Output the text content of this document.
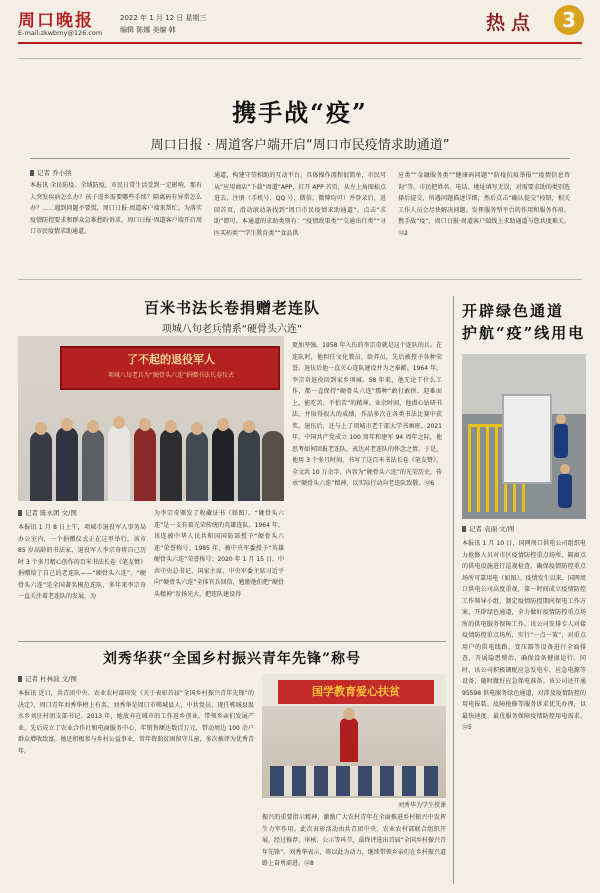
周口晚报
E-mail:zkwbmy@126.com
2022 年 1 月 12 日 星期三
编辑 陈娜 美编 韩	热点	3
携手战“疫”
周口日报 · 周道客户端开启“周口市民疫情求助通道”
记者 乔小纳
本报讯 全民防疫、全域防疫，市民日常生活受到一定影响，那有人突发疾病怎么办？孩子返乡需要哪些手续？隔离码有异常怎么办？……遇到问题不要慌，周口日报·周道客户端来帮忙。为落实疫情防控要求和群众急难愁盼诉求，周口日报·周道客户端开启周口市民疫情求助通道，
通道，构建守望相助的互动平台。具体操作流程很简单，市民可从“应用商店”下载“周道”APP，打开 APP 首页，从左上角图标点进去，注册（手机号、QQ 号、微信、微博均可）并登录后，返回首页，滑动滚动条找到“周口市民疫情求助通道”，点击“求助”即可。本通道的求助类别有：“疫情政策类”“交通出行类”“寻医买药类”“学生教育类”“食品供
应类”“金融服务类”“健康码问题”“防疫抗疫举报”“疫情信息咨询”等。市民把姓名、电话、地址填写无误，对需要求助的类别选择后提交，所遇问题描述详细，然后点击“确认提交”按钮，相关工作人员会尽快解决问题。发挥服务型平台的作用和服务作用。携手战“疫”，周口日报·周道客户端线上求助通道与您共度难关。⑫2
百米书法长卷捐赠老连队
项城八旬老兵情系“硬骨头六连”
了不起的退役军人
项城八旬老兵为“硬骨头六连”捐赠书法长卷仪式
记者 陈永团 文/图
本报讯 1 月 8 日上午，项城市退役军人事务局办公室内，一个捐赠仪式正在这里举行。该市 85 岁高龄的书法家、退役军人李宗奇将自己历时 3 个多月精心创作的百米书法长卷《笔友赞》捐赠给了自己的老连队——“硬骨头六连”。“硬骨头六连”是全国著名模范连队，多年来李宗奇一直关注着老连队的发展，为
为李宗奇颁发了收藏证书（如图）。“硬骨头六连”是一支有着光荣传统的英雄连队。1964 年，该连被中华人民共和国国防部授予“硬骨头六连”荣誉称号；1985 年，被中央军委授予“英雄硬骨头六连”荣誉称号；2020 年 1 月 15 日，中共中央总书记、国家主席、中央军委主席习近平向“硬骨头六连”全体官兵回信，勉励他们把“硬骨头精神”发扬光大，把连队建设得
更加坚强。1958 年入伍的李宗奇就是这个连队的兵。在连队时，他担任文化教员、给养员，先后被授予各种荣誉。退伍后他一直关心连队建设并为之奉献。1964 年，李宗奇退役回到家乡项城。58 年来，他无论干什么工作，都一直保持“硬骨头六连”那种“敢打敢拼、迎难而上、能吃苦、不怕苦”的精神。业余时间，他潜心钻研书法，并取得很大的成绩，作品多次在各类书法比赛中获奖。退伍后，还与上了项城市老干部大学书画班。2021 年，中国共产党成立 100 周年和建军 94 周年之际，他思考如何回报老连队，表达对老连队的怀念之情。于是，他用 3 个多月时间，书写了这百米书法长卷《笔友赞》，全文共 10 万余字，内容为“硬骨头六连”的光荣历史，传承“硬骨头六连”精神，以实际行动向老连队致敬。⑫6
开辟绿色通道
护航“疫”线用电
记者 袁丽 文/图
本报讯 1 月 10 日，国网周口供电公司组织电力抢修人员对市区疫情防控重点场所、隔离点的供电设施进行巡视检查，确保疫情防控重点场所可靠用电（如图）。疫情发生以来，国网周口供电公司高度重视，第一时间成立疫情防控工作领导小组，制定疫情防控期间保电工作方案，开辟绿色通道，全力做好疫情防控重点场所的供电服务保障工作。该公司安排专人对接疫情防控重点场所，实行“一点一策”，对重点用户的供电线路、变压器等设备进行全面排查，开展隐患整治，确保设备健康运行。同时，该公司积极调配应急发电车、应急电源等设备，随时做好应急保电准备。该公司还开通 95598 供电服务绿色通道，对涉及疫情防控的用电报装、故障抢修等服务诉求优先办理，以最快速度、最优服务保障疫情防控用电需求。⑫5
刘秀华获“全国乡村振兴青年先锋”称号
记者 杜林波 文/图
本报讯 近日，共青团中央、农业农村部印发《关于表彰首届“全国乡村振兴青年先锋”的决定》，周口青年刘秀华榜上有名。刘秀华是周口市郸城县人，中共党员，现任郸城县汲水乡刘庄村团支部书记。2013 年，她放弃在城市的工作返乡创业，带领乡亲们发展产业，先后成立了农业合作社和电商服务中心，年销售额达数百万元，带动周边 100 余户群众增收致富。她还积极参与乡村公益事业，常年资助贫困留守儿童，多次被评为优秀青年。
国学教育爱心扶贫
刘秀华为学生授课
振兴的重要指示精神，激励广大农村青年在全面推进乡村振兴中发挥生力军作用。此次表彰活动由共青团中央、农业农村部联合组织开展，经过推荐、审核、公示等环节，最终评选出首届“全国乡村振兴青年先锋”。刘秀华表示，将以此为动力，继续带领乡亲们在乡村振兴道路上奋勇前进。⑫8
